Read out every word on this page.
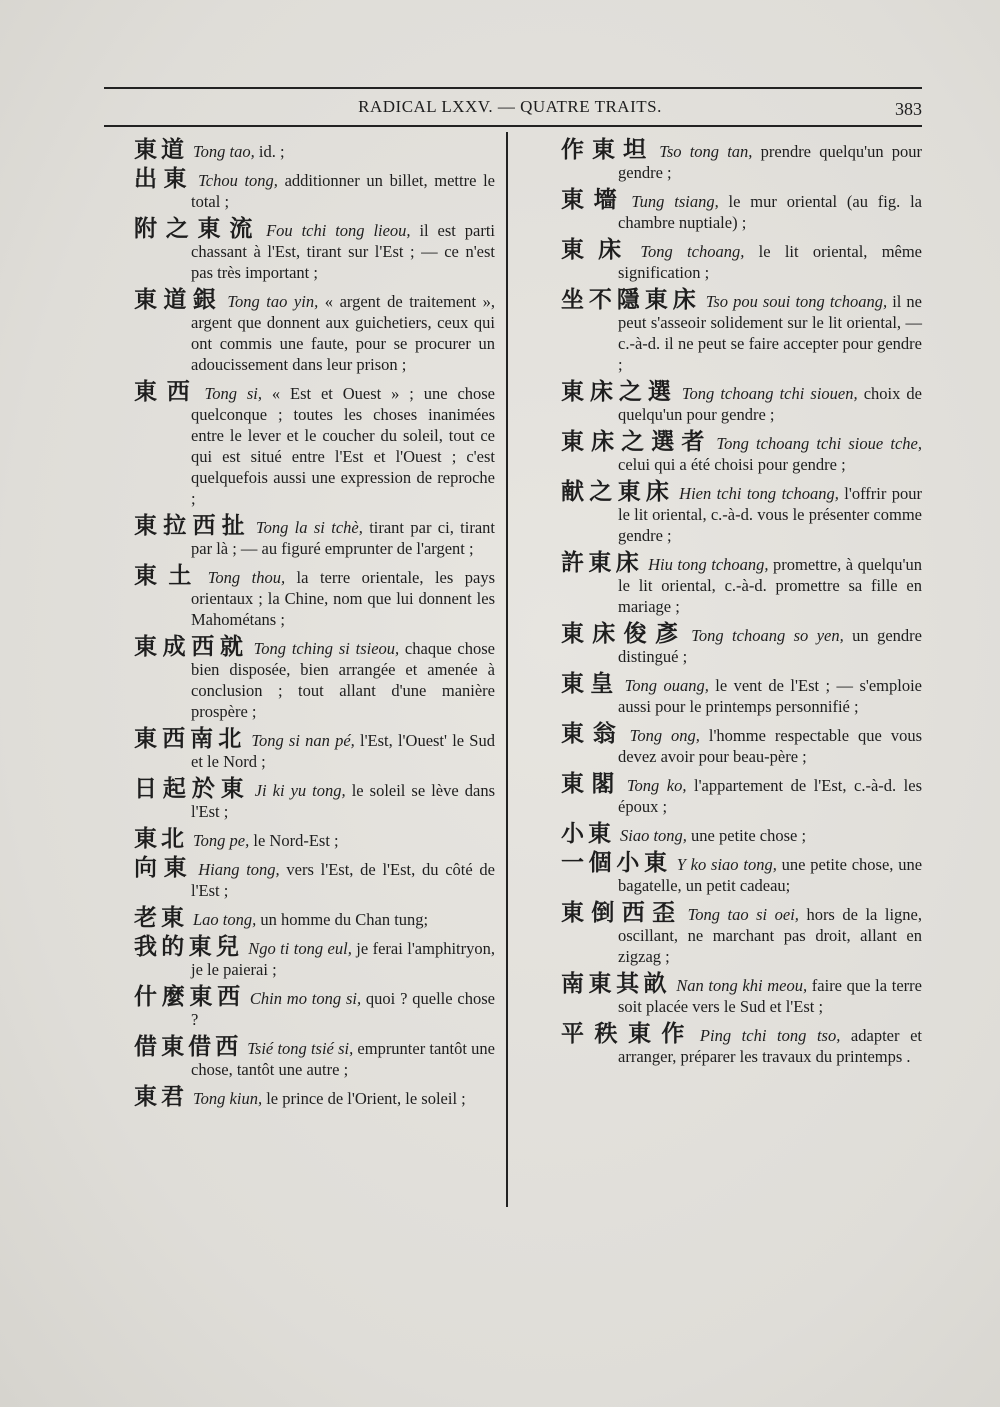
RADICAL LXXV. — QUATRE TRAITS.	383
東道 Tong tao, id. ;
出東 Tchou tong, additionner un billet, mettre le total ;
附之東流 Fou tchi tong lieou, il est parti chassant à l'Est, tirant sur l'Est ; — ce n'est pas très important ;
東道銀 Tong tao yin, « argent de traitement », argent que donnent aux guichetiers, ceux qui ont commis une faute, pour se procurer un adoucissement dans leur prison ;
東西 Tong si, « Est et Ouest » ; une chose quelconque ; toutes les choses inanimées entre le lever et le coucher du soleil, tout ce qui est situé entre l'Est et l'Ouest ; c'est quelquefois aussi une expression de reproche ;
東拉西扯 Tong la si tchè, tirant par ci, tirant par là ; — au figuré emprunter de l'argent ;
東土 Tong thou, la terre orientale, les pays orientaux ; la Chine, nom que lui donnent les Mahométans ;
東成西就 Tong tching si tsieou, chaque chose bien disposée, bien arrangée et amenée à conclusion ; tout allant d'une manière prospère ;
東西南北 Tong si nan pé, l'Est, l'Ouest' le Sud et le Nord ;
日起於東 Ji ki yu tong, le soleil se lève dans l'Est ;
東北 Tong pe, le Nord-Est ;
向東 Hiang tong, vers l'Est, de l'Est, du côté de l'Est ;
老東 Lao tong, un homme du Chan tung;
我的東兒 Ngo ti tong eul, je ferai l'amphitryon, je le paierai ;
什麼東西 Chin mo tong si, quoi ? quelle chose ?
借東借西 Tsié tong tsié si, emprunter tantôt une chose, tantôt une autre ;
東君 Tong kiun, le prince de l'Orient, le soleil ;
作東坦 Tso tong tan, prendre quelqu'un pour gendre ;
東墻 Tung tsiang, le mur oriental (au fig. la chambre nuptiale) ;
東床 Tong tchoang, le lit oriental, même signification ;
坐不隱東床 Tso pou soui tong tchoang, il ne peut s'asseoir solidement sur le lit oriental, — c.-à-d. il ne peut se faire accepter pour gendre ;
東床之選 Tong tchoang tchi siouen, choix de quelqu'un pour gendre ;
東床之選者 Tong tchoang tchi sioue tche, celui qui a été choisi pour gendre ;
献之東床 Hien tchi tong tchoang, l'offrir pour le lit oriental, c.-à-d. vous le présenter comme gendre ;
許東床 Hiu tong tchoang, promettre, à quelqu'un le lit oriental, c.-à-d. promettre sa fille en mariage ;
東床俊彥 Tong tchoang so yen, un gendre distingué ;
東皇 Tong ouang, le vent de l'Est ; — s'emploie aussi pour le printemps personnifié ;
東翁 Tong ong, l'homme respectable que vous devez avoir pour beau-père ;
東閣 Tong ko, l'appartement de l'Est, c.-à-d. les époux ;
小東 Siao tong, une petite chose ;
一個小東 Y ko siao tong, une petite chose, une bagatelle, un petit cadeau;
東倒西歪 Tong tao si oei, hors de la ligne, oscillant, ne marchant pas droit, allant en zigzag ;
南東其畝 Nan tong khi meou, faire que la terre soit placée vers le Sud et l'Est ;
平秩東作 Ping tchi tong tso, adapter et arranger, préparer les travaux du printemps .
